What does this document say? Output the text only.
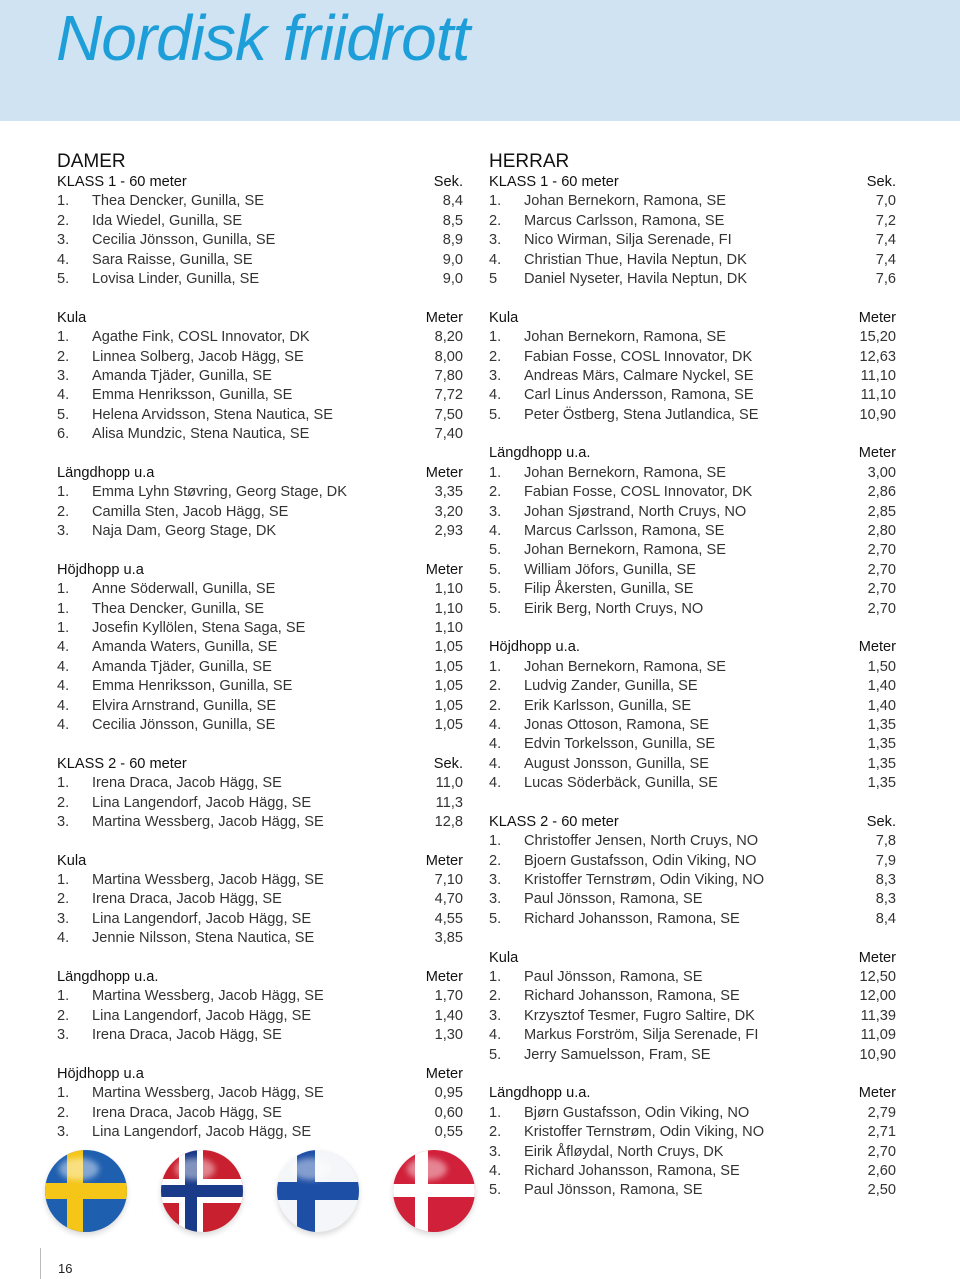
Nordisk friidrott
DAMER
KLASS 1 - 60 meter	Sek.
1.	Thea Dencker, Gunilla, SE	8,4
2.	Ida Wiedel, Gunilla, SE	8,5
3.	Cecilia Jönsson, Gunilla, SE	8,9
4.	Sara Raisse, Gunilla, SE	9,0
5.	Lovisa Linder, Gunilla, SE	9,0
Kula	Meter
1.	Agathe Fink, COSL Innovator, DK	8,20
2.	Linnea Solberg, Jacob Hägg, SE	8,00
3.	Amanda Tjäder, Gunilla, SE	7,80
4.	Emma Henriksson, Gunilla, SE	7,72
5.	Helena Arvidsson, Stena Nautica, SE	7,50
6.	Alisa Mundzic, Stena Nautica, SE	7,40
Längdhopp u.a	Meter
1.	Emma Lyhn Støvring, Georg Stage, DK	3,35
2.	Camilla Sten, Jacob Hägg, SE	3,20
3.	Naja Dam, Georg Stage, DK	2,93
Höjdhopp u.a	Meter
1.	Anne Söderwall, Gunilla, SE	1,10
1.	Thea Dencker, Gunilla, SE	1,10
1.	Josefin Kyllölen, Stena Saga, SE	1,10
4.	Amanda Waters, Gunilla, SE	1,05
4.	Amanda Tjäder, Gunilla, SE	1,05
4.	Emma Henriksson, Gunilla, SE	1,05
4.	Elvira Arnstrand, Gunilla, SE	1,05
4.	Cecilia Jönsson, Gunilla, SE	1,05
KLASS 2 - 60 meter	Sek.
1.	Irena Draca, Jacob Hägg, SE	11,0
2.	Lina Langendorf, Jacob Hägg, SE	11,3
3.	Martina Wessberg, Jacob Hägg, SE	12,8
Kula	Meter
1.	Martina Wessberg, Jacob Hägg, SE	7,10
2.	Irena Draca, Jacob Hägg, SE	4,70
3.	Lina Langendorf, Jacob Hägg, SE	4,55
4.	Jennie Nilsson, Stena Nautica, SE	3,85
Längdhopp u.a.	Meter
1.	Martina Wessberg, Jacob Hägg, SE	1,70
2.	Lina Langendorf, Jacob Hägg, SE	1,40
3.	Irena Draca, Jacob Hägg, SE	1,30
Höjdhopp u.a	Meter
1.	Martina Wessberg, Jacob Hägg, SE	0,95
2.	Irena Draca, Jacob Hägg, SE	0,60
3.	Lina Langendorf, Jacob Hägg, SE	0,55
HERRAR
KLASS 1 - 60 meter	Sek.
1.	Johan Bernekorn, Ramona, SE	7,0
2.	Marcus Carlsson, Ramona, SE	7,2
3.	Nico Wirman, Silja Serenade, FI	7,4
4.	Christian Thue, Havila Neptun, DK	7,4
5	Daniel Nyseter, Havila Neptun, DK	7,6
Kula	Meter
1.	Johan Bernekorn, Ramona, SE	15,20
2.	Fabian Fosse, COSL Innovator, DK	12,63
3.	Andreas Märs, Calmare Nyckel, SE	11,10
4.	Carl Linus Andersson, Ramona, SE	11,10
5.	Peter Östberg, Stena Jutlandica, SE	10,90
Längdhopp u.a.	Meter
1.	Johan Bernekorn, Ramona, SE	3,00
2.	Fabian Fosse, COSL Innovator, DK	2,86
3.	Johan Sjøstrand, North Cruys, NO	2,85
4.	Marcus Carlsson, Ramona, SE	2,80
5.	Johan Bernekorn, Ramona, SE	2,70
5.	William Jöfors, Gunilla, SE	2,70
5.	Filip Åkersten, Gunilla, SE	2,70
5.	Eirik Berg, North Cruys, NO	2,70
Höjdhopp u.a.	Meter
1.	Johan Bernekorn, Ramona, SE	1,50
2.	Ludvig Zander, Gunilla, SE	1,40
2.	Erik Karlsson, Gunilla, SE	1,40
4.	Jonas Ottoson, Ramona, SE	1,35
4.	Edvin Torkelsson, Gunilla, SE	1,35
4.	August Jonsson, Gunilla, SE	1,35
4.	Lucas Söderbäck, Gunilla, SE	1,35
KLASS 2 - 60 meter	Sek.
1.	Christoffer Jensen, North Cruys, NO	7,8
2.	Bjoern Gustafsson, Odin Viking, NO	7,9
3.	Kristoffer Ternstrøm, Odin Viking, NO	8,3
3.	Paul Jönsson, Ramona, SE	8,3
5.	Richard Johansson, Ramona, SE	8,4
Kula	Meter
1.	Paul Jönsson, Ramona, SE	12,50
2.	Richard Johansson, Ramona, SE	12,00
3.	Krzysztof Tesmer, Fugro Saltire, DK	11,39
4.	Markus Forström, Silja Serenade, FI	11,09
5.	Jerry Samuelsson, Fram, SE	10,90
Längdhopp u.a.	Meter
1.	Bjørn Gustafsson, Odin Viking, NO	2,79
2.	Kristoffer Ternstrøm, Odin Viking, NO	2,71
3.	Eirik Åfløydal, North Cruys, DK	2,70
4.	Richard Johansson, Ramona, SE	2,60
5.	Paul Jönsson, Ramona, SE	2,50
16
